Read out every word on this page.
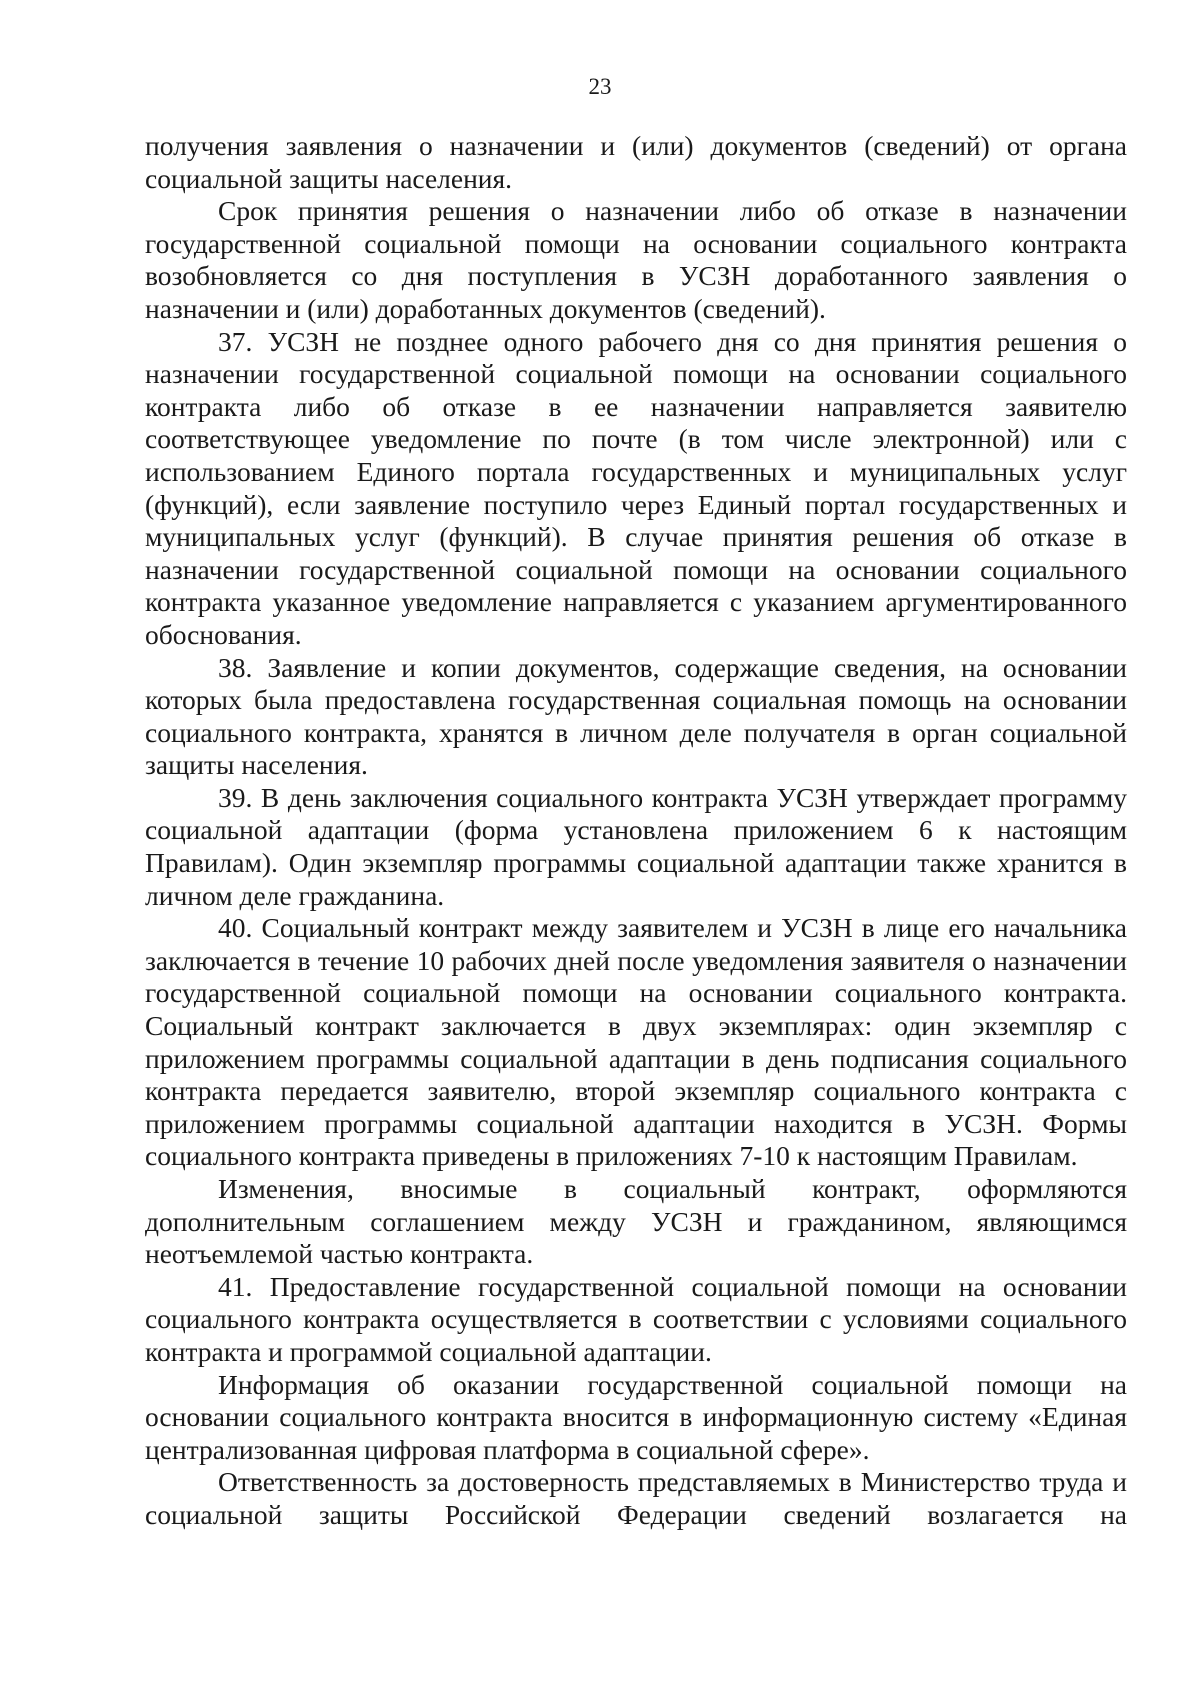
23

получения заявления о назначении и (или) документов (сведений) от органа социальной защиты населения.

Срок принятия решения о назначении либо об отказе в назначении государственной социальной помощи на основании социального контракта возобновляется со дня поступления в УСЗН доработанного заявления о назначении и (или) доработанных документов (сведений).

37. УСЗН не позднее одного рабочего дня со дня принятия решения о назначении государственной социальной помощи на основании социального контракта либо об отказе в ее назначении направляется заявителю соответствующее уведомление по почте (в том числе электронной) или с использованием Единого портала государственных и муниципальных услуг (функций), если заявление поступило через Единый портал государственных и муниципальных услуг (функций). В случае принятия решения об отказе в назначении государственной социальной помощи на основании социального контракта указанное уведомление направляется с указанием аргументированного обоснования.

38. Заявление и копии документов, содержащие сведения, на основании которых была предоставлена государственная социальная помощь на основании социального контракта, хранятся в личном деле получателя в орган социальной защиты населения.

39. В день заключения социального контракта УСЗН утверждает программу социальной адаптации (форма установлена приложением 6 к настоящим Правилам). Один экземпляр программы социальной адаптации также хранится в личном деле гражданина.

40. Социальный контракт между заявителем и УСЗН в лице его начальника заключается в течение 10 рабочих дней после уведомления заявителя о назначении государственной социальной помощи на основании социального контракта. Социальный контракт заключается в двух экземплярах: один экземпляр с приложением программы социальной адаптации в день подписания социального контракта передается заявителю, второй экземпляр социального контракта с приложением программы социальной адаптации находится в УСЗН. Формы социального контракта приведены в приложениях 7-10 к настоящим Правилам.

Изменения, вносимые в социальный контракт, оформляются дополнительным соглашением между УСЗН и гражданином, являющимся неотъемлемой частью контракта.

41. Предоставление государственной социальной помощи на основании социального контракта осуществляется в соответствии с условиями социального контракта и программой социальной адаптации.

Информация об оказании государственной социальной помощи на основании социального контракта вносится в информационную систему «Единая централизованная цифровая платформа в социальной сфере».

Ответственность за достоверность представляемых в Министерство труда и социальной защиты Российской Федерации сведений возлагается на
